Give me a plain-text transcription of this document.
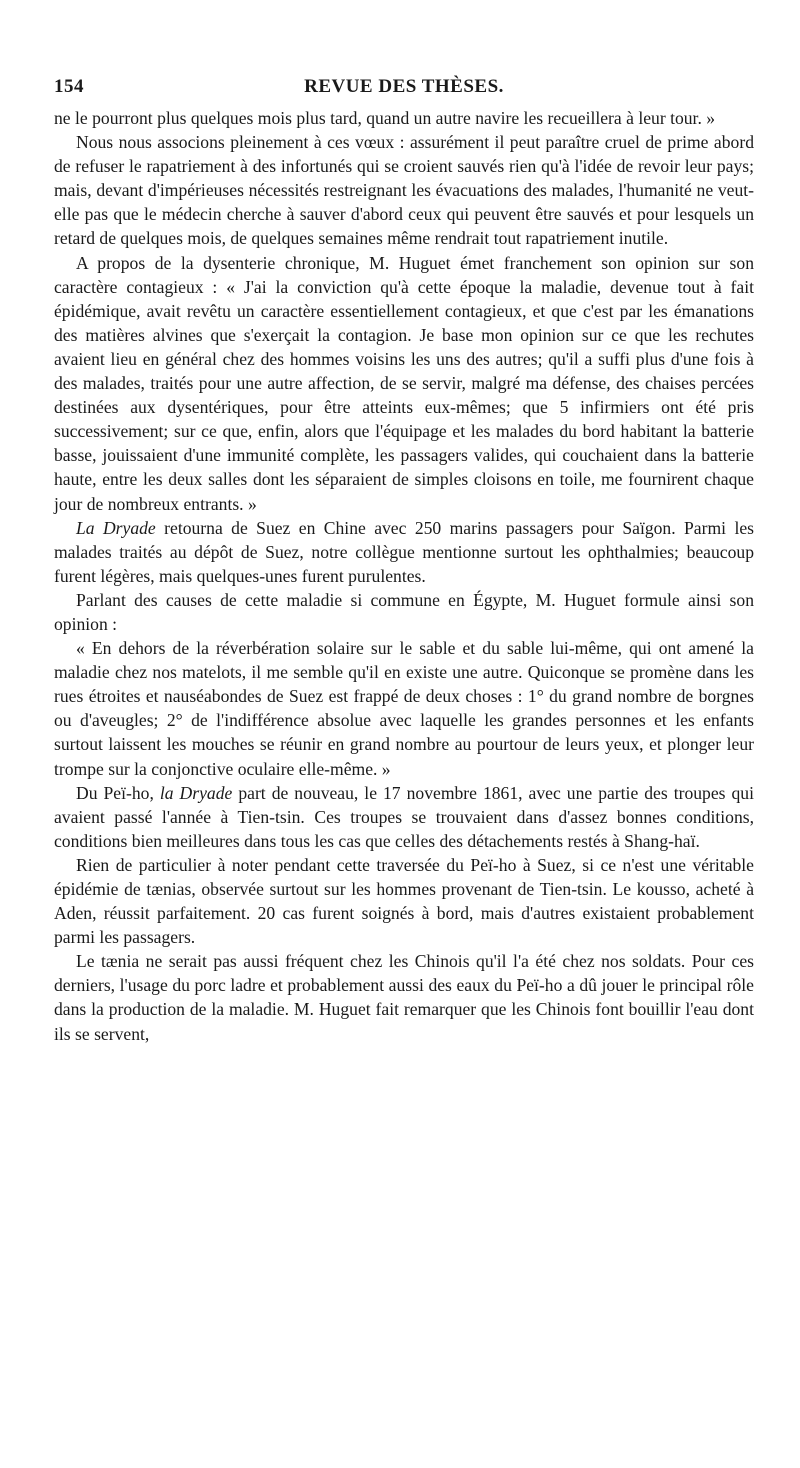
154	REVUE DES THÈSES.

ne le pourront plus quelques mois plus tard, quand un autre navire les recueillera à leur tour. »

Nous nous associons pleinement à ces vœux : assurément il peut paraître cruel de prime abord de refuser le rapatriement à des infortunés qui se croient sauvés rien qu'à l'idée de revoir leur pays; mais, devant d'impérieuses nécessités restreignant les évacuations des malades, l'humanité ne veut-elle pas que le médecin cherche à sauver d'abord ceux qui peuvent être sauvés et pour lesquels un retard de quelques mois, de quelques semaines même rendrait tout rapatriement inutile.

A propos de la dysenterie chronique, M. Huguet émet franchement son opinion sur son caractère contagieux : « J'ai la conviction qu'à cette époque la maladie, devenue tout à fait épidémique, avait revêtu un caractère essentiellement contagieux, et que c'est par les émanations des matières alvines que s'exerçait la contagion. Je base mon opinion sur ce que les rechutes avaient lieu en général chez des hommes voisins les uns des autres; qu'il a suffi plus d'une fois à des malades, traités pour une autre affection, de se servir, malgré ma défense, des chaises percées destinées aux dysentériques, pour être atteints eux-mêmes; que 5 infirmiers ont été pris successivement; sur ce que, enfin, alors que l'équipage et les malades du bord habitant la batterie basse, jouissaient d'une immunité complète, les passagers valides, qui couchaient dans la batterie haute, entre les deux salles dont les séparaient de simples cloisons en toile, me fournirent chaque jour de nombreux entrants. »

La Dryade retourna de Suez en Chine avec 250 marins passagers pour Saïgon. Parmi les malades traités au dépôt de Suez, notre collègue mentionne surtout les ophthalmies; beaucoup furent légères, mais quelques-unes furent purulentes.

Parlant des causes de cette maladie si commune en Égypte, M. Huguet formule ainsi son opinion :

« En dehors de la réverbération solaire sur le sable et du sable lui-même, qui ont amené la maladie chez nos matelots, il me semble qu'il en existe une autre. Quiconque se promène dans les rues étroites et nauséabondes de Suez est frappé de deux choses : 1° du grand nombre de borgnes ou d'aveugles; 2° de l'indifférence absolue avec laquelle les grandes personnes et les enfants surtout laissent les mouches se réunir en grand nombre au pourtour de leurs yeux, et plonger leur trompe sur la conjonctive oculaire elle-même. »

Du Peï-ho, la Dryade part de nouveau, le 17 novembre 1861, avec une partie des troupes qui avaient passé l'année à Tien-tsin. Ces troupes se trouvaient dans d'assez bonnes conditions, conditions bien meilleures dans tous les cas que celles des détachements restés à Shang-haï.

Rien de particulier à noter pendant cette traversée du Peï-ho à Suez, si ce n'est une véritable épidémie de tænias, observée surtout sur les hommes provenant de Tien-tsin. Le kousso, acheté à Aden, réussit parfaitement. 20 cas furent soignés à bord, mais d'autres existaient probablement parmi les passagers.

Le tænia ne serait pas aussi fréquent chez les Chinois qu'il l'a été chez nos soldats. Pour ces derniers, l'usage du porc ladre et probablement aussi des eaux du Peï-ho a dû jouer le principal rôle dans la production de la maladie. M. Huguet fait remarquer que les Chinois font bouillir l'eau dont ils se servent,
